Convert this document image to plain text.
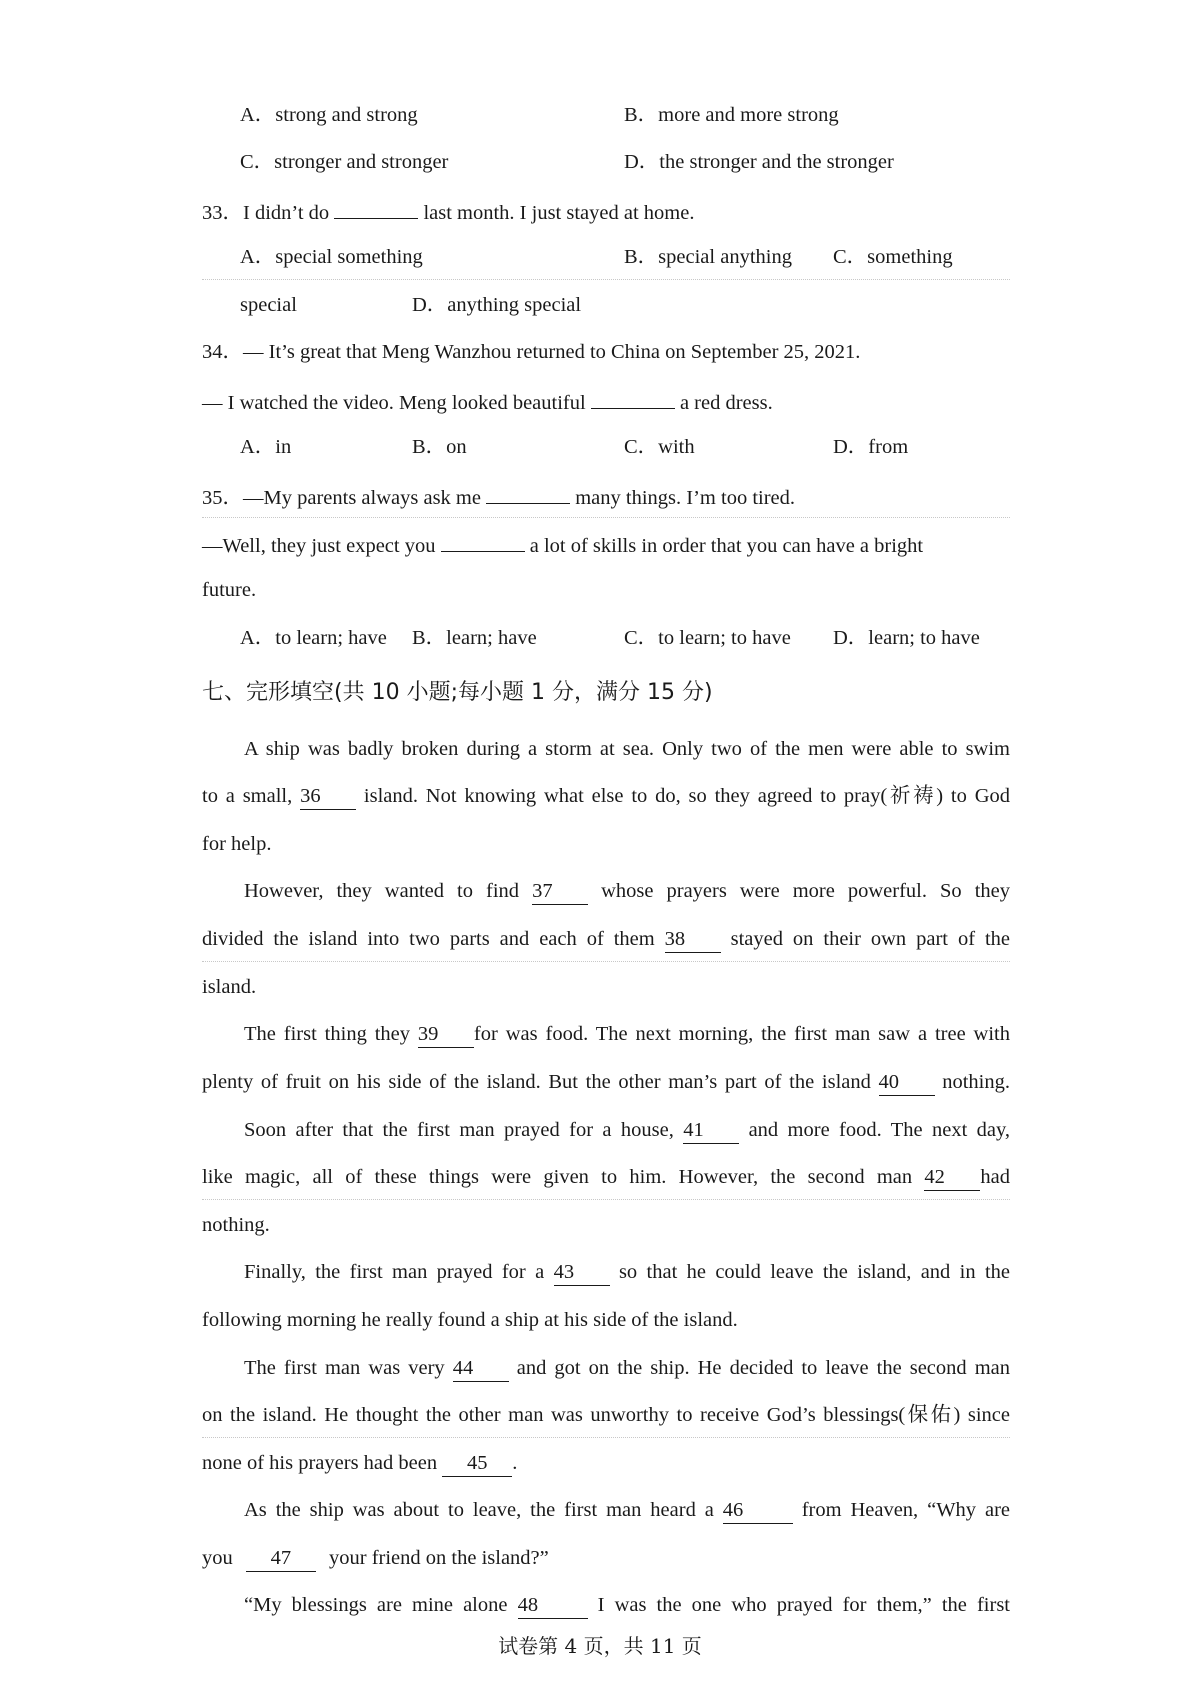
A．strong and strong	B．more and more strong
C．stronger and stronger	D．the stronger and the stronger
33．I didn’t do	last month. I just stayed at home.
A．special something	B．special anything C．something
special	D．anything special
34．— It’s great that Meng Wanzhou returned to China on September 25, 2021.
— I watched the video. Meng looked beautiful	a red dress.
A．in	B．on	C．with	D．from
35．—My parents always ask me	many things. I’m too tired.
—Well, they just expect you	a lot of skills in order that you can have a bright
future.
A．to learn; have B．learn; have	C．to learn; to have D．learn; to have
七、完形填空(共 10 小题;每小题 1 分，满分 15 分)
A ship was badly broken during a storm at sea. Only two of the men were able to swim
to a small, 36 island. Not knowing what else to do, so they agreed to pray(祈祷) to God
for help.
However, they wanted to find 37 whose prayers were more powerful. So they
divided the island into two parts and each of them 38 stayed on their own part of the
island.
The first thing they 39 for was food. The next morning, the first man saw a tree with
plenty of fruit on his side of the island. But the other man’s part of the island 40 nothing.
Soon after that the first man prayed for a house, 41 and more food. The next day,
like magic, all of these things were given to him. However, the second man 42 had
nothing.
Finally, the first man prayed for a 43 so that he could leave the island, and in the
following morning he really found a ship at his side of the island.
The first man was very 44 and got on the ship. He decided to leave the second man
on the island. He thought the other man was unworthy to receive God’s blessings(保佑) since
none of his prayers had been 45 .
As the ship was about to leave, the first man heard a 46	from Heaven, “Why are
you 47 your friend on the island?”
“My blessings are mine alone 48	I was the one who prayed for them,” the first
试卷第 4 页，共 11 页
